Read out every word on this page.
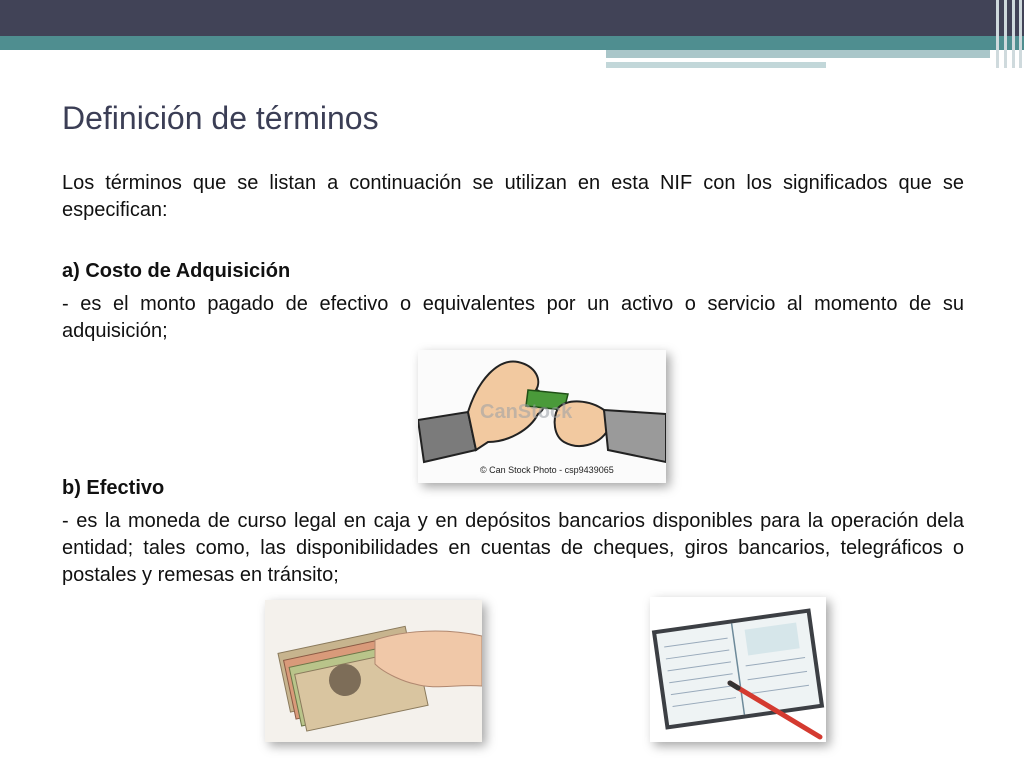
Definición de términos

Los términos que se listan a continuación se utilizan en esta NIF con los significados que se especifican:

a) Costo de Adquisición

- es el monto pagado de efectivo o equivalentes por un activo o servicio al momento de su adquisición;

CanStock
© Can Stock Photo - csp9439065

b) Efectivo

- es la moneda de curso legal en caja y en depósitos bancarios disponibles para la operación dela entidad; tales como, las disponibilidades en cuentas de cheques, giros bancarios, telegráficos o postales y remesas en tránsito;
